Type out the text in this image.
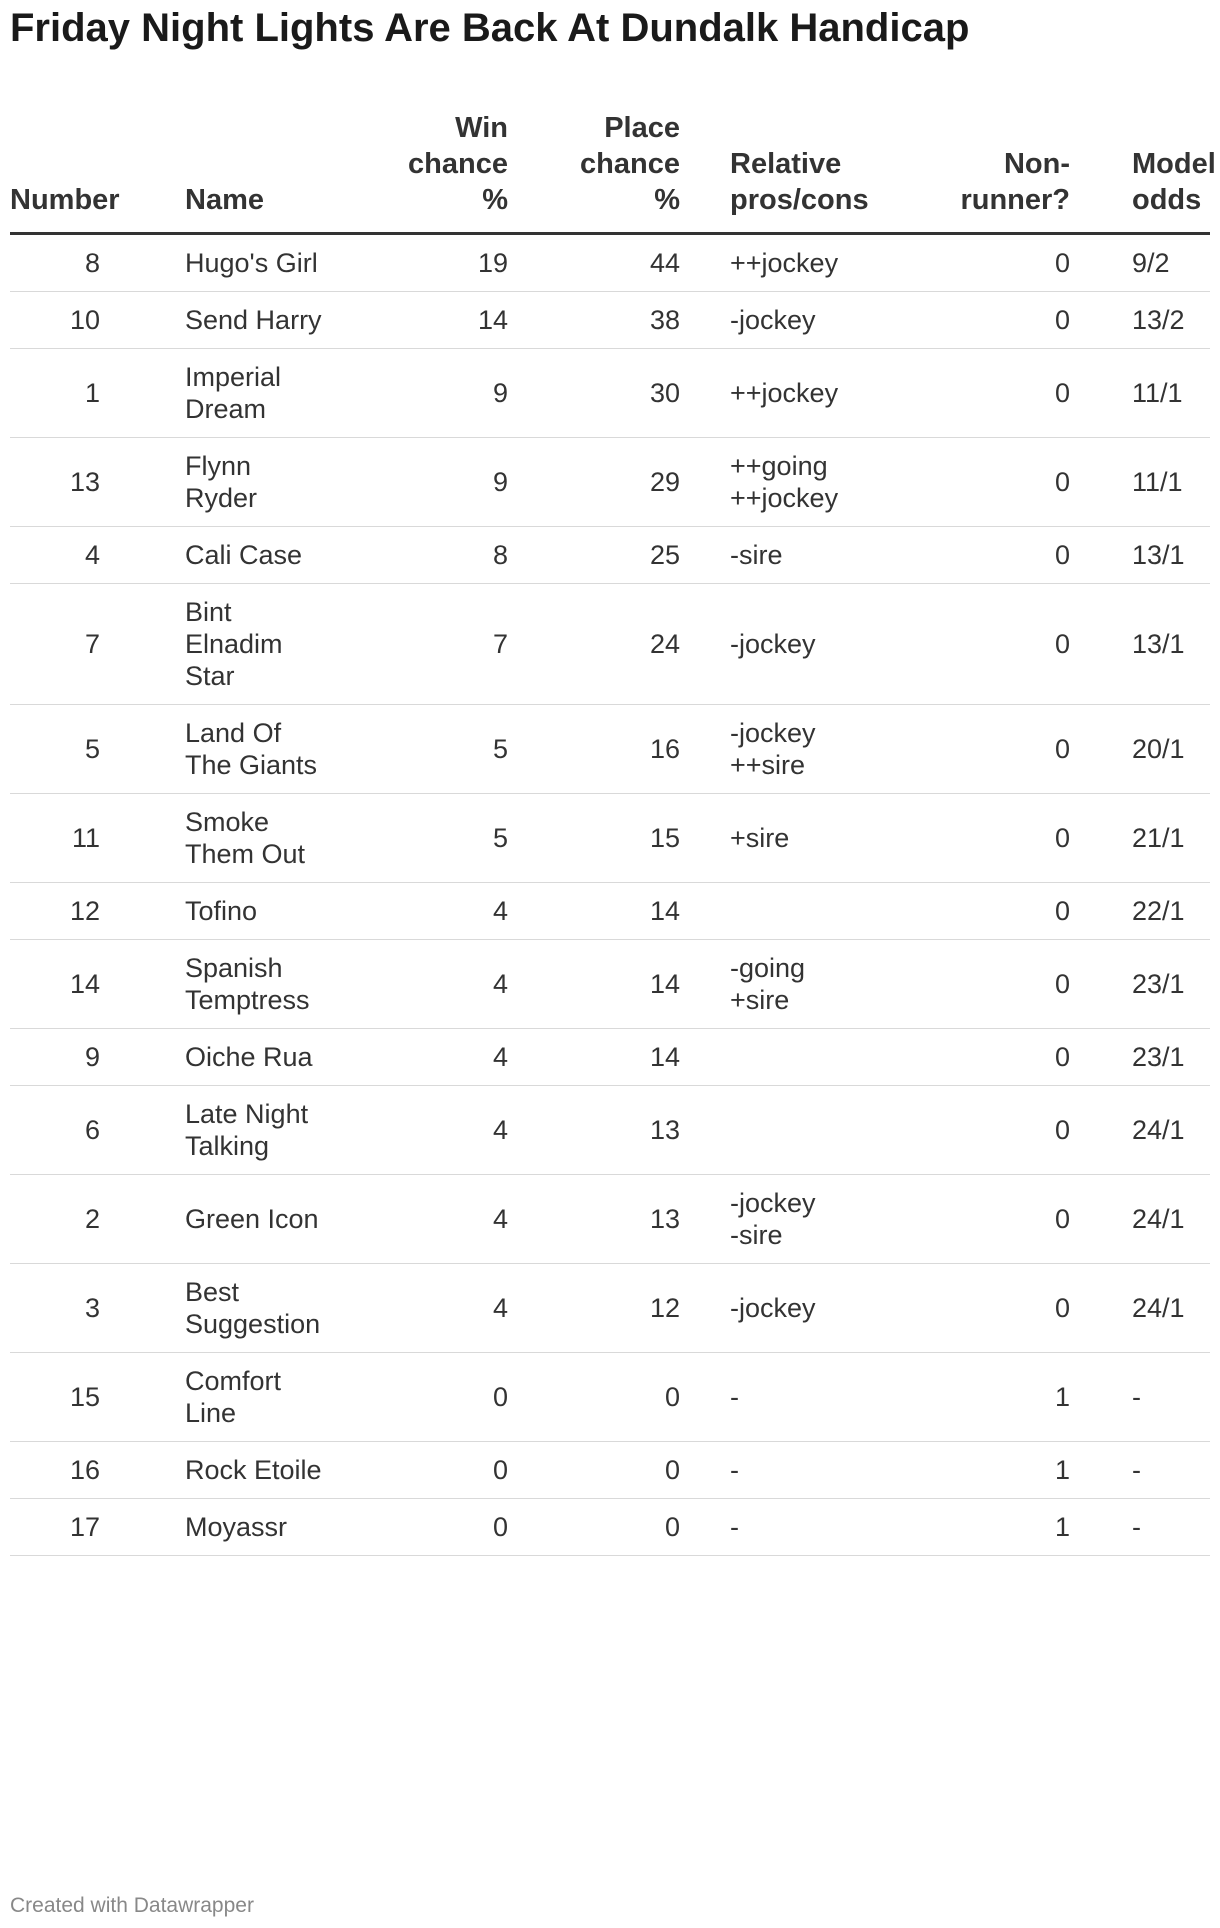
Friday Night Lights Are Back At Dundalk Handicap
Number	Name	Win
chance
%	Place
chance
%	Relative
pros/cons	Non-
runner?	Model
odds
8	Hugo's Girl	19	44	++jockey	0	9/2
10	Send Harry	14	38	-jockey	0	13/2
1	Imperial
Dream	9	30	++jockey	0	11/1
13	Flynn
Ryder	9	29	++going
++jockey	0	11/1
4	Cali Case	8	25	-sire	0	13/1
7	Bint
Elnadim
Star	7	24	-jockey	0	13/1
5	Land Of
The Giants	5	16	-jockey
++sire	0	20/1
11	Smoke
Them Out	5	15	+sire	0	21/1
12	Tofino	4	14		0	22/1
14	Spanish
Temptress	4	14	-going
+sire	0	23/1
9	Oiche Rua	4	14		0	23/1
6	Late Night
Talking	4	13		0	24/1
2	Green Icon	4	13	-jockey
-sire	0	24/1
3	Best
Suggestion	4	12	-jockey	0	24/1
15	Comfort
Line	0	0	-	1	-
16	Rock Etoile	0	0	-	1	-
17	Moyassr	0	0	-	1	-
Created with Datawrapper
